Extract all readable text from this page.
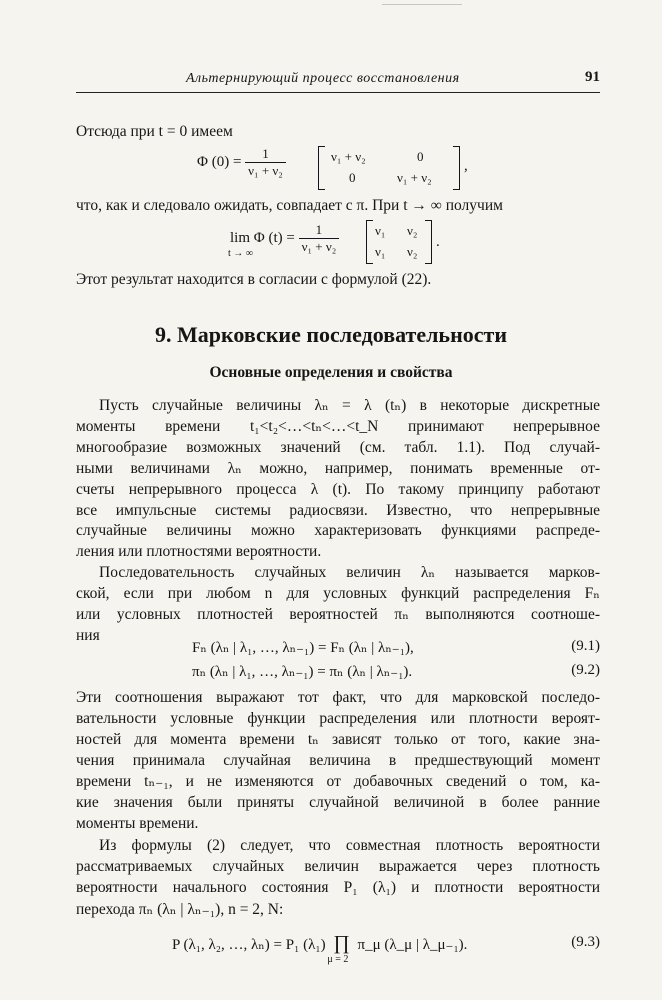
Альтернирующий процесс восстановления	91
Отсюда при t = 0 имеем
Φ $(0) = \frac{1}{\text{ν₁ + ν₂}}$	ν₁ + ν₂	0
0	ν₁ + ν₂
,
что, как и следовало ожидать, совпадает с π. При t → ∞ получим
lim Φ (t) =
t → ∞
	$\frac{1}{\text{ν₁ + ν₂}}$	ν₁ ν₂
ν₁ ν₂
.
Этот результат находится в согласии с формулой (22).
9. Марковские последовательности
Основные определения и свойства
Пусть случайные величины λₙ = λ (tₙ) в некоторые дискретные
моменты времени t₁<t₂<…<tₙ<…<t_N принимают непрерывное
многообразие возможных значений (см. табл. 1.1). Под случай-
ными величинами λₙ можно, например, понимать временные от-
счеты непрерывного процесса λ (t). По такому принципу работают
все импульсные системы радиосвязи. Известно, что непрерывные
случайные величины можно характеризовать функциями распреде-
ления или плотностями вероятности.
Последовательность случайных величин λₙ называется марков-
ской, если при любом n для условных функций распределения Fₙ
или условных плотностей вероятностей πₙ выполняются соотноше-
ния
Fₙ (λₙ | λ₁, …, λₙ₋₁) = Fₙ (λₙ | λₙ₋₁),	(9.1)
πₙ (λₙ | λ₁, …, λₙ₋₁) = πₙ (λₙ | λₙ₋₁).	(9.2)
Эти соотношения выражают тот факт, что для марковской последо-
вательности условные функции распределения или плотности вероят-
ностей для момента времени tₙ зависят только от того, какие зна-
чения принимала случайная величина в предшествующий момент
времени tₙ₋₁, и не изменяются от добавочных сведений о том, ка-
кие значения были приняты случайной величиной в более ранние
моменты времени.
Из формулы (2) следует, что совместная плотность вероятности
рассматриваемых случайных величин выражается через плотность
вероятности начального состояния P₁ (λ₁) и плотности вероятности
перехода πₙ (λₙ | λₙ₋₁), n = 2, N:
P (λ₁, λ₂, …, λₙ) = P₁ (λ₁) ∏
μ = 2
π_μ (λ_μ | λ_μ₋₁).	(9.3)
